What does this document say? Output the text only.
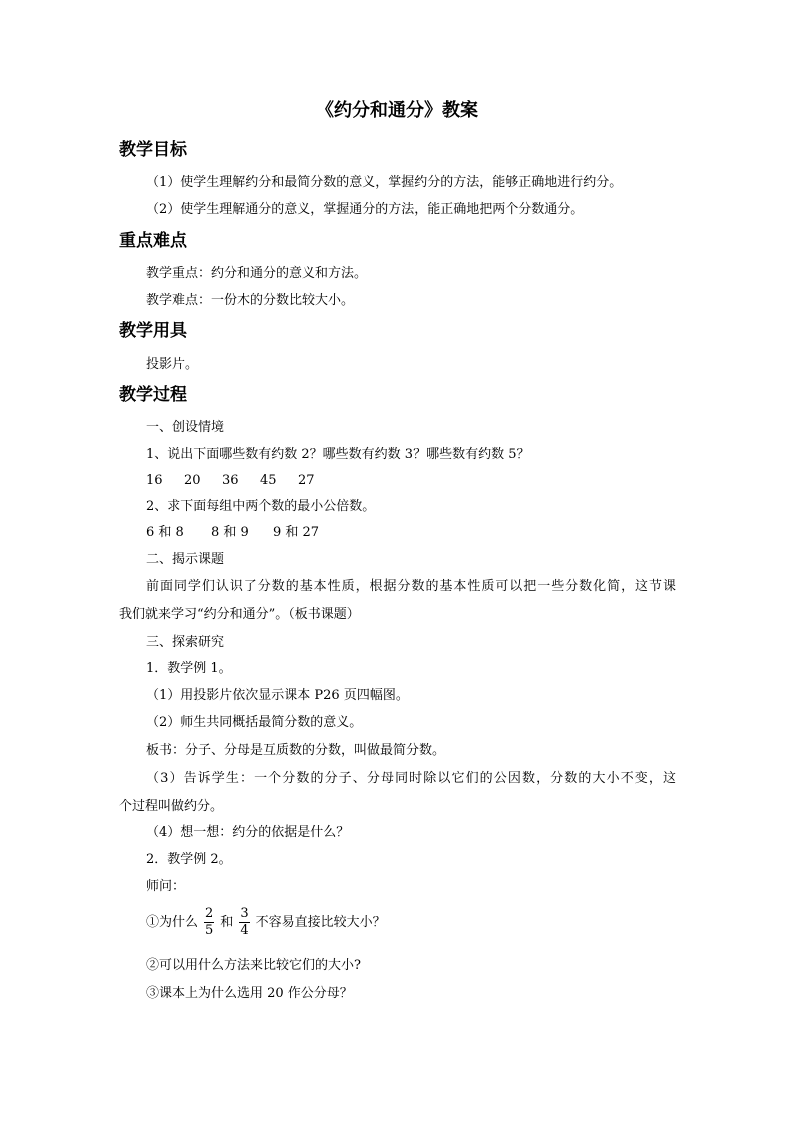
《约分和通分》教案
教学目标
（1）使学生理解约分和最简分数的意义，掌握约分的方法，能够正确地进行约分。
（2）使学生理解通分的意义，掌握通分的方法，能正确地把两个分数通分。
重点难点
教学重点：约分和通分的意义和方法。
教学难点：一份木的分数比较大小。
教学用具
投影片。
教学过程
一、创设情境
1、说出下面哪些数有约数 2？哪些数有约数 3？哪些数有约数 5？
16 20 36 45 27
2、求下面每组中两个数的最小公倍数。
6 和 8 8 和 9 9 和 27
二、揭示课题
前面同学们认识了分数的基本性质，根据分数的基本性质可以把一些分数化简，这节课
我们就来学习“约分和通分”。（板书课题）
三、探索研究
1．教学例 1。
（1）用投影片依次显示课本 P26 页四幅图。
（2）师生共同概括最简分数的意义。
板书：分子、分母是互质数的分数，叫做最简分数。
（3）告诉学生：一个分数的分子、分母同时除以它们的公因数，分数的大小不变，这
个过程叫做约分。
（4）想一想：约分的依据是什么？
2．教学例 2。
师问：
①为什么 $\frac{2}{5}$ 和 $\frac{3}{4}$ 不容易直接比较大小？
②可以用什么方法来比较它们的大小?
③课本上为什么选用 20 作公分母？
